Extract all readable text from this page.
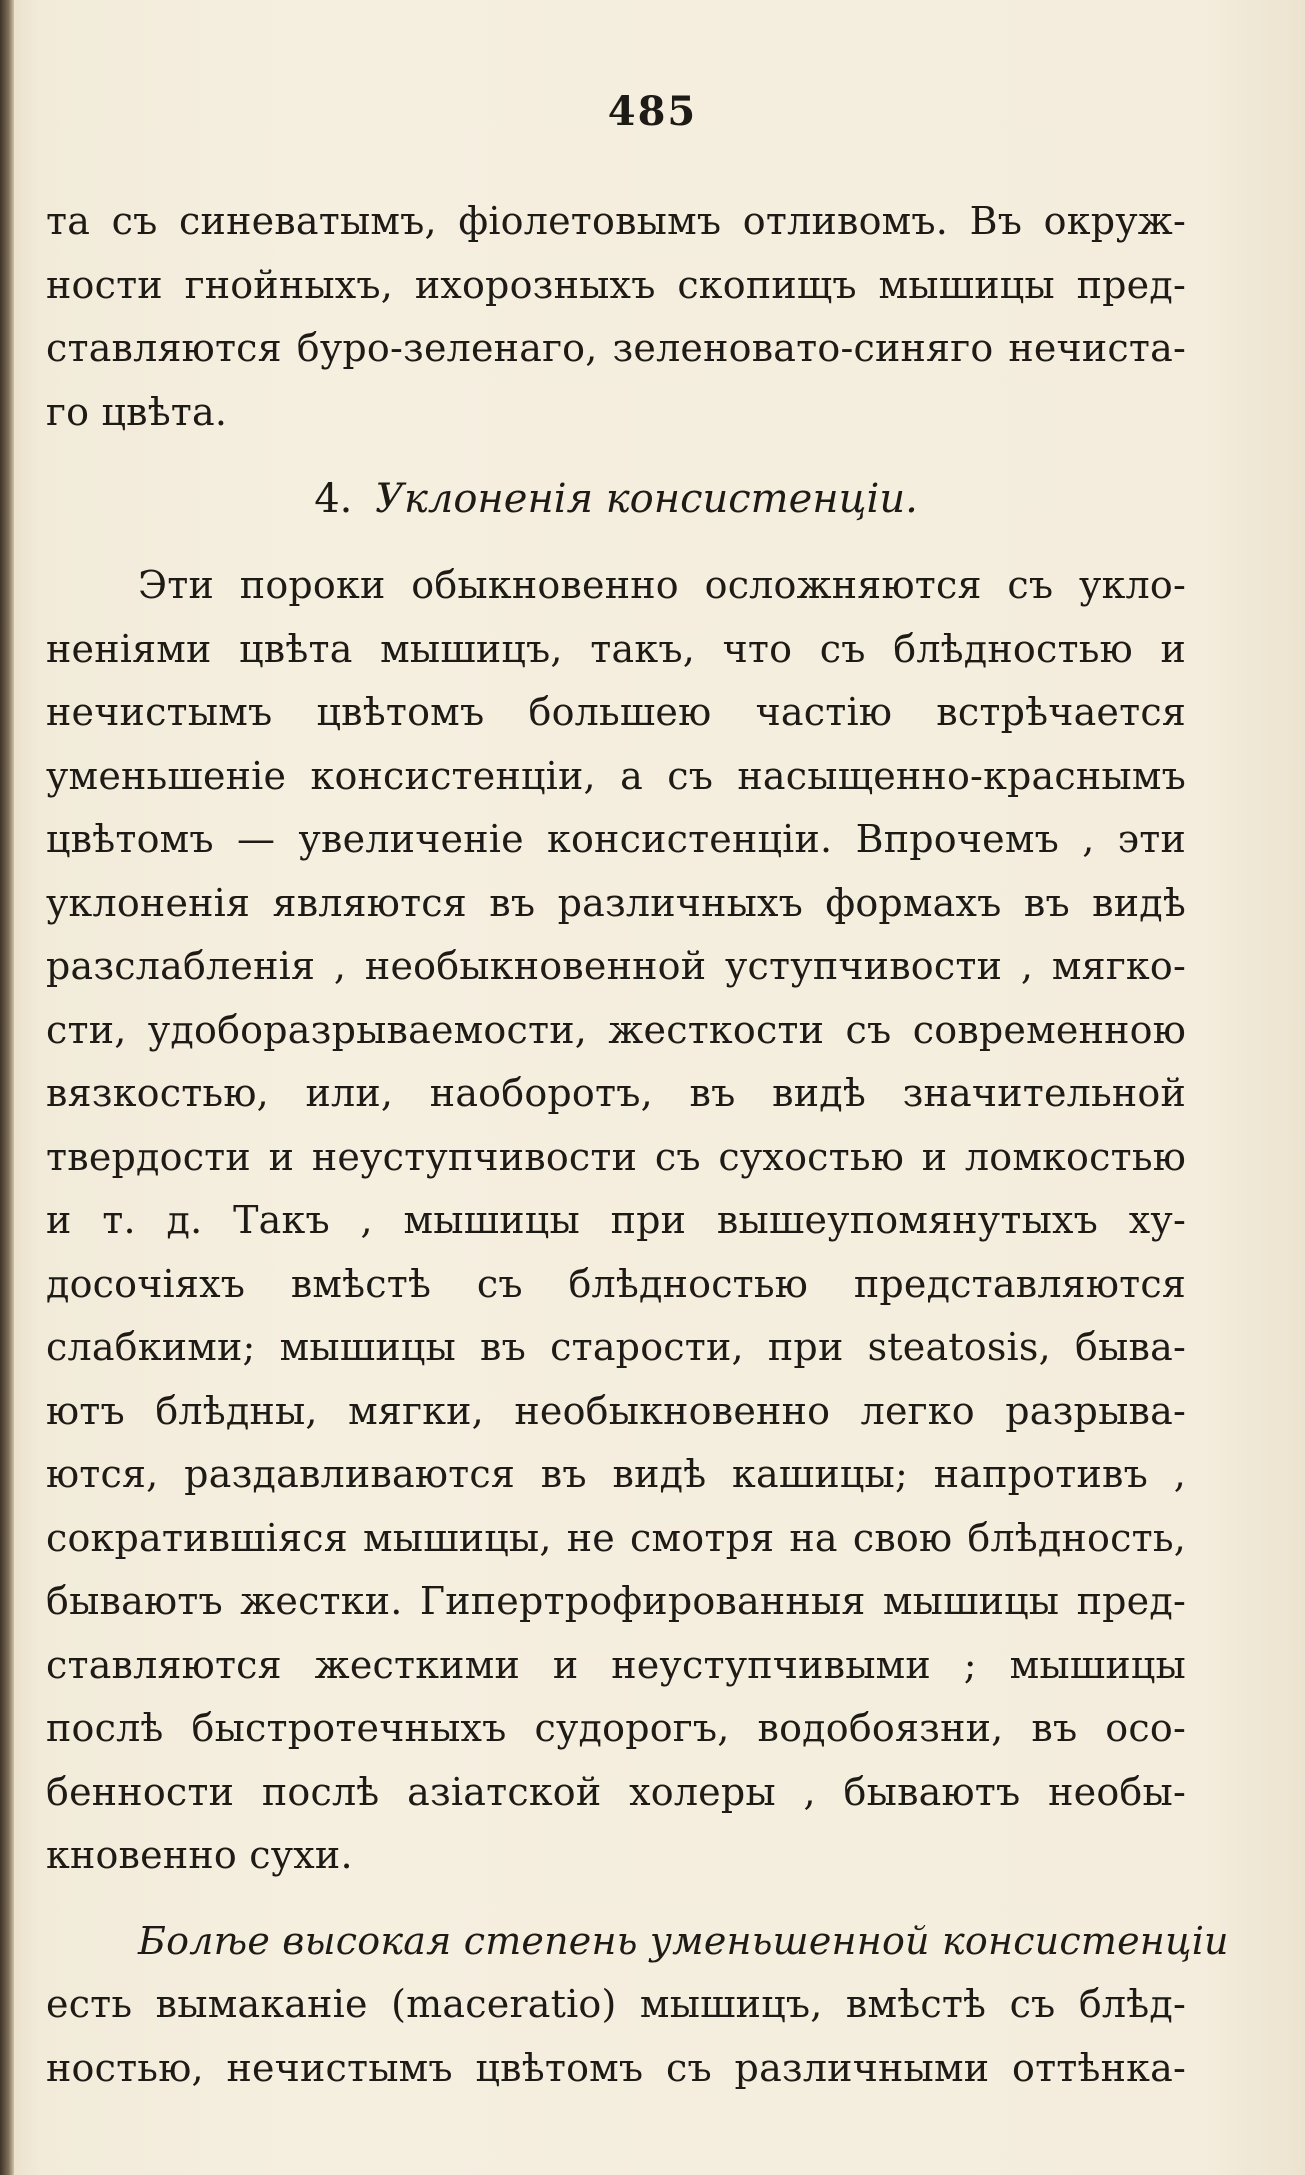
485
та съ синеватымъ, фіолетовымъ отливомъ. Въ окруж-
ности гнойныхъ, ихорозныхъ скопищъ мышицы пред-
ставляются буро-зеленаго, зеленовато-синяго нечиста-
го цвѣта.
4. Уклоненія консистенціи.
Эти пороки обыкновенно осложняются съ укло-
неніями цвѣта мышицъ, такъ, что съ блѣдностью и
нечистымъ цвѣтомъ большею частію встрѣчается
уменьшеніе консистенціи, а съ насыщенно-краснымъ
цвѣтомъ — увеличеніе консистенціи. Впрочемъ , эти
уклоненія являются въ различныхъ формахъ въ видѣ
разслабленія , необыкновенной уступчивости , мягко-
сти, удоборазрываемости, жесткости съ современною
вязкостью, или, наоборотъ, въ видѣ значительной
твердости и неуступчивости съ сухостью и ломкостью
и т. д. Такъ , мышицы при вышеупомянутыхъ ху-
досочіяхъ вмѣстѣ съ блѣдностью представляются
слабкими; мышицы въ старости, при steatosis, быва-
ютъ блѣдны, мягки, необыкновенно легко разрыва-
ются, раздавливаются въ видѣ кашицы; напротивъ ,
сократившіяся мышицы, не смотря на свою блѣдность,
бываютъ жестки. Гипертрофированныя мышицы пред-
ставляются жесткими и неуступчивыми ; мышицы
послѣ быстротечныхъ судорогъ, водобоязни, въ осо-
бенности послѣ азіатской холеры , бываютъ необы-
кновенно сухи.
Болѣе высокая степень уменьшенной консистенціи
есть вымаканіе (maceratio) мышицъ, вмѣстѣ съ блѣд-
ностью, нечистымъ цвѣтомъ съ различными оттѣнка-
